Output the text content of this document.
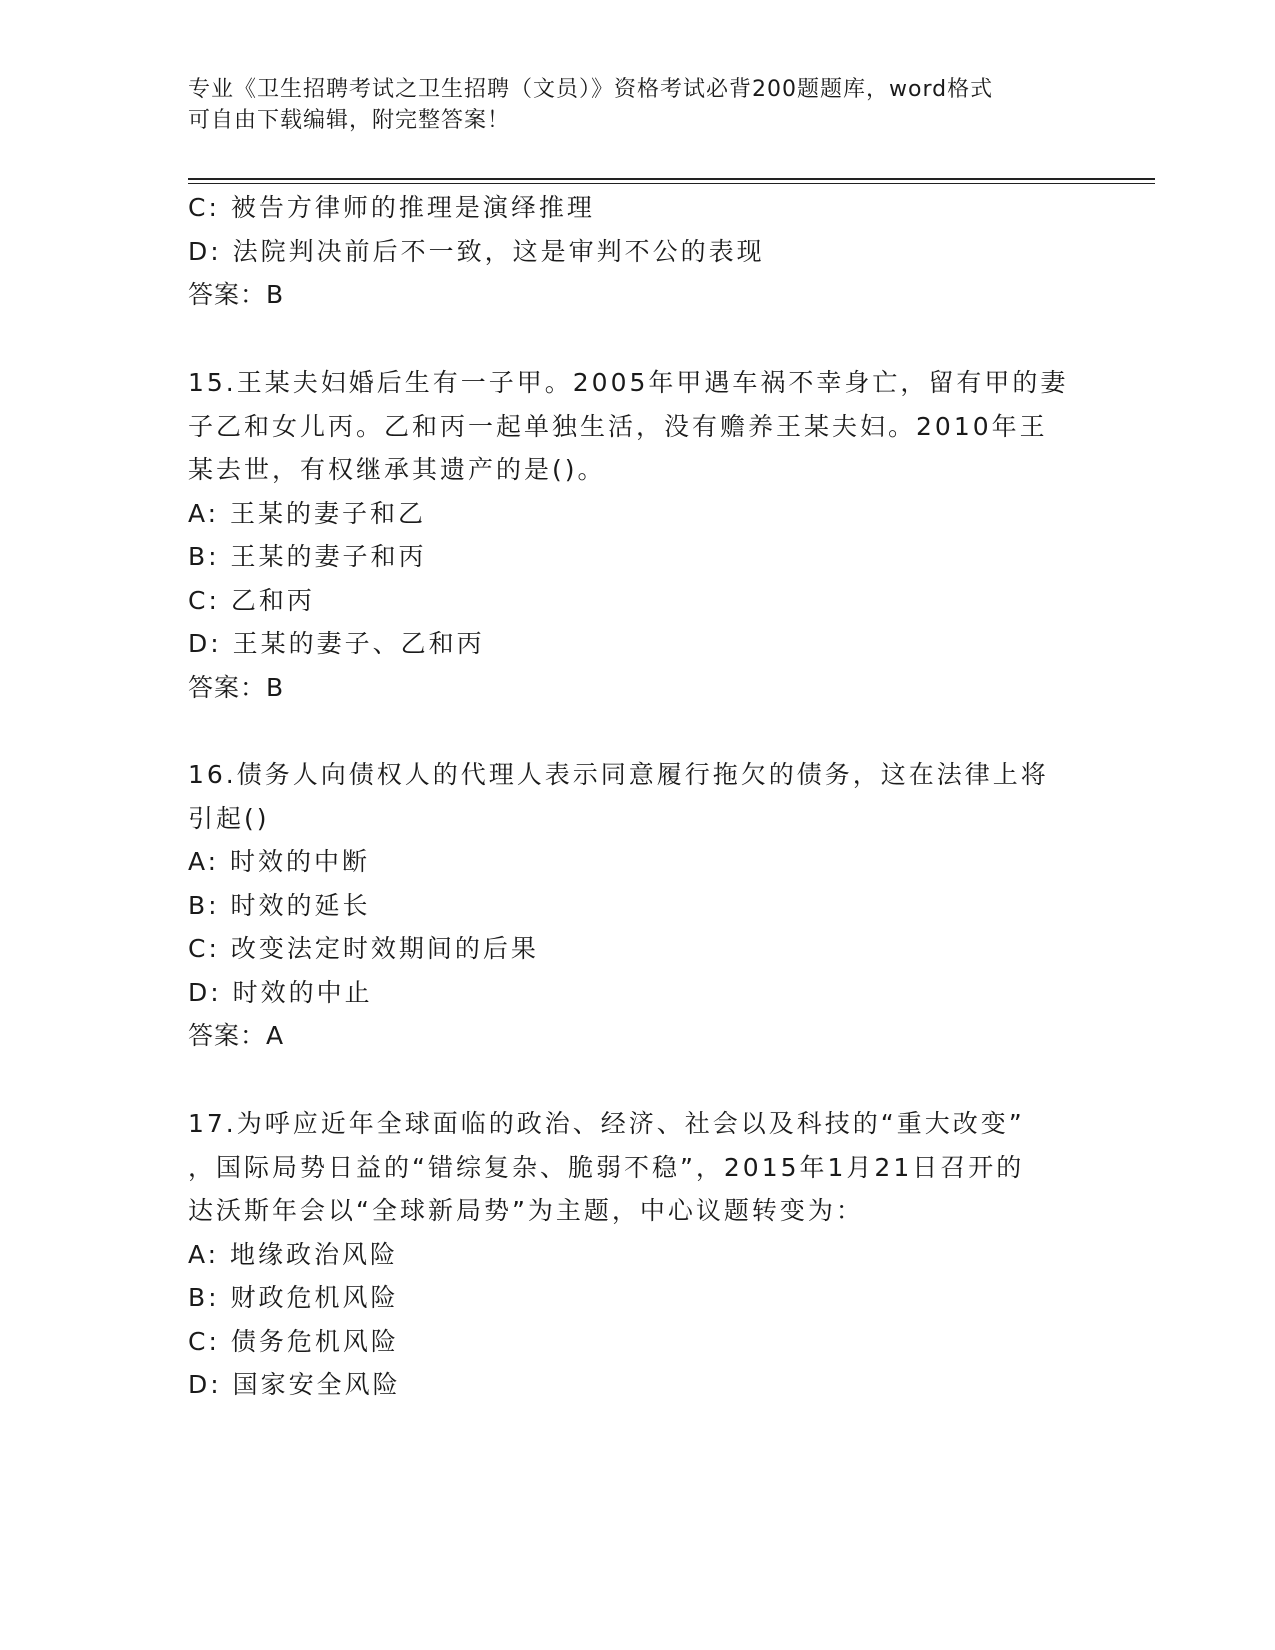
专业《卫生招聘考试之卫生招聘（文员）》资格考试必背200题题库，word格式
可自由下载编辑，附完整答案！
C: 被告方律师的推理是演绎推理
D: 法院判决前后不一致，这是审判不公的表现
答案：B
15.王某夫妇婚后生有一子甲。2005年甲遇车祸不幸身亡，留有甲的妻
子乙和女儿丙。乙和丙一起单独生活，没有赡养王某夫妇。2010年王
某去世，有权继承其遗产的是()。
A: 王某的妻子和乙
B: 王某的妻子和丙
C: 乙和丙
D: 王某的妻子、乙和丙
答案：B
16.债务人向债权人的代理人表示同意履行拖欠的债务，这在法律上将
引起()
A: 时效的中断
B: 时效的延长
C: 改变法定时效期间的后果
D: 时效的中止
答案：A
17.为呼应近年全球面临的政治、经济、社会以及科技的“重大改变”
，国际局势日益的“错综复杂、脆弱不稳”，2015年1月21日召开的
达沃斯年会以“全球新局势”为主题，中心议题转变为：
A: 地缘政治风险
B: 财政危机风险
C: 债务危机风险
D: 国家安全风险
